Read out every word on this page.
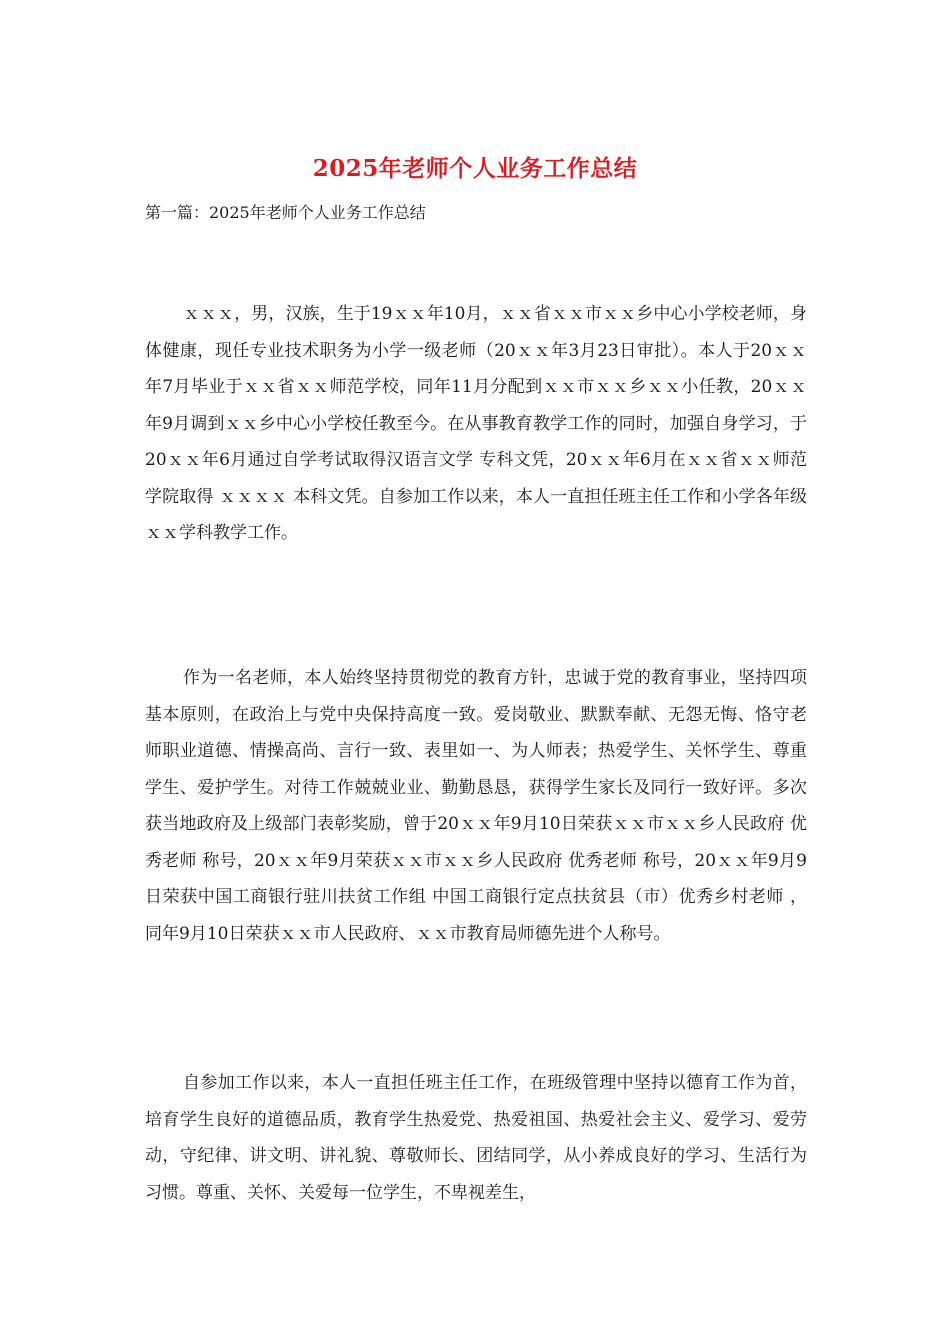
2025年老师个人业务工作总结

第一篇：2025年老师个人业务工作总结

ｘｘｘ，男，汉族，生于19ｘｘ年10月，ｘｘ省ｘｘ市ｘｘ乡中心小学校老师，身体健康，现任专业技术职务为小学一级老师（20ｘｘ年3月23日审批）。本人于20ｘｘ年7月毕业于ｘｘ省ｘｘ师范学校，同年11月分配到ｘｘ市ｘｘ乡ｘｘ小任教，20ｘｘ年9月调到ｘｘ乡中心小学校任教至今。在从事教育教学工作的同时，加强自身学习，于20ｘｘ年6月通过自学考试取得汉语言文学 专科文凭，20ｘｘ年6月在ｘｘ省ｘｘ师范学院取得 ｘｘｘｘ 本科文凭。自参加工作以来，本人一直担任班主任工作和小学各年级ｘｘ学科教学工作。

作为一名老师，本人始终坚持贯彻党的教育方针，忠诚于党的教育事业，坚持四项基本原则，在政治上与党中央保持高度一致。爱岗敬业、默默奉献、无怨无悔、恪守老师职业道德、情操高尚、言行一致、表里如一、为人师表；热爱学生、关怀学生、尊重学生、爱护学生。对待工作兢兢业业、勤勤恳恳，获得学生家长及同行一致好评。多次获当地政府及上级部门表彰奖励，曾于20ｘｘ年9月10日荣获ｘｘ市ｘｘ乡人民政府 优秀老师 称号，20ｘｘ年9月荣获ｘｘ市ｘｘ乡人民政府 优秀老师 称号，20ｘｘ年9月9日荣获中国工商银行驻川扶贫工作组 中国工商银行定点扶贫县（市）优秀乡村老师 ， 同年9月10日荣获ｘｘ市人民政府、ｘｘ市教育局师德先进个人称号。

自参加工作以来，本人一直担任班主任工作，在班级管理中坚持以德育工作为首，培育学生良好的道德品质，教育学生热爱党、热爱祖国、热爱社会主义、爱学习、爱劳动，守纪律、讲文明、讲礼貌、尊敬师长、团结同学，从小养成良好的学习、生活行为习惯。尊重、关怀、关爱每一位学生，不卑视差生，
